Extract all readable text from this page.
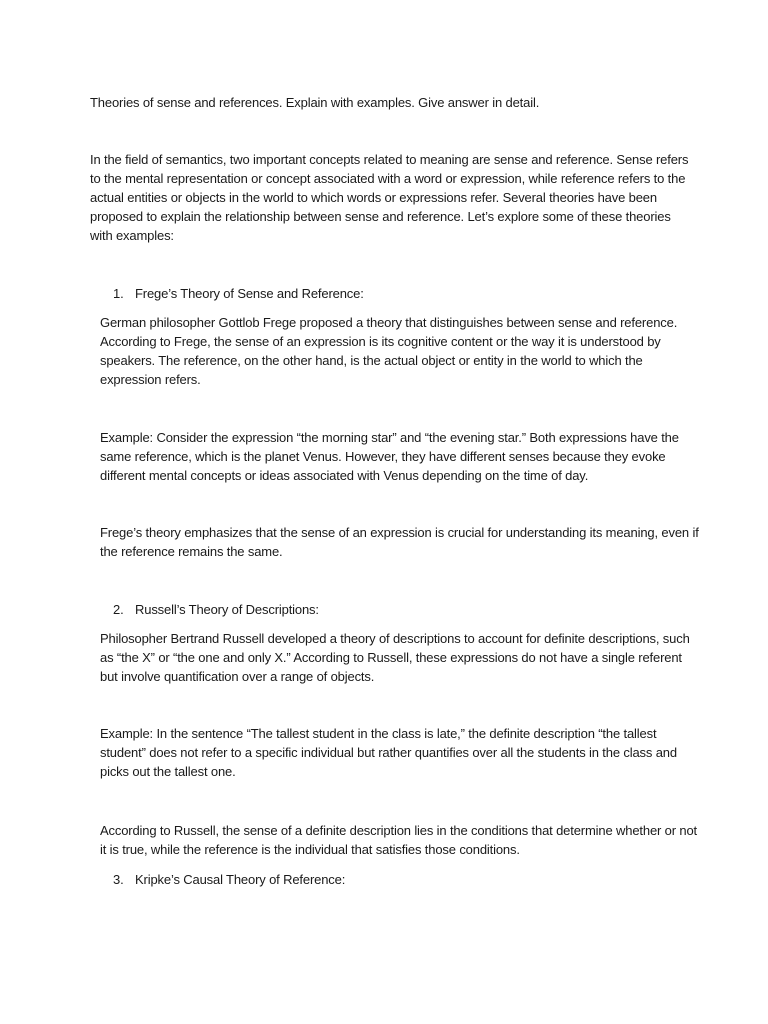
Theories of sense and references. Explain with examples. Give answer in detail.

In the field of semantics, two important concepts related to meaning are sense and reference. Sense refers to the mental representation or concept associated with a word or expression, while reference refers to the actual entities or objects in the world to which words or expressions refer. Several theories have been proposed to explain the relationship between sense and reference. Let’s explore some of these theories with examples:

1. Frege’s Theory of Sense and Reference:

German philosopher Gottlob Frege proposed a theory that distinguishes between sense and reference. According to Frege, the sense of an expression is its cognitive content or the way it is understood by speakers. The reference, on the other hand, is the actual object or entity in the world to which the expression refers.

Example: Consider the expression “the morning star” and “the evening star.” Both expressions have the same reference, which is the planet Venus. However, they have different senses because they evoke different mental concepts or ideas associated with Venus depending on the time of day.

Frege’s theory emphasizes that the sense of an expression is crucial for understanding its meaning, even if the reference remains the same.

2. Russell’s Theory of Descriptions:

Philosopher Bertrand Russell developed a theory of descriptions to account for definite descriptions, such as “the X” or “the one and only X.” According to Russell, these expressions do not have a single referent but involve quantification over a range of objects.

Example: In the sentence “The tallest student in the class is late,” the definite description “the tallest student” does not refer to a specific individual but rather quantifies over all the students in the class and picks out the tallest one.

According to Russell, the sense of a definite description lies in the conditions that determine whether or not it is true, while the reference is the individual that satisfies those conditions.

3. Kripke’s Causal Theory of Reference:
